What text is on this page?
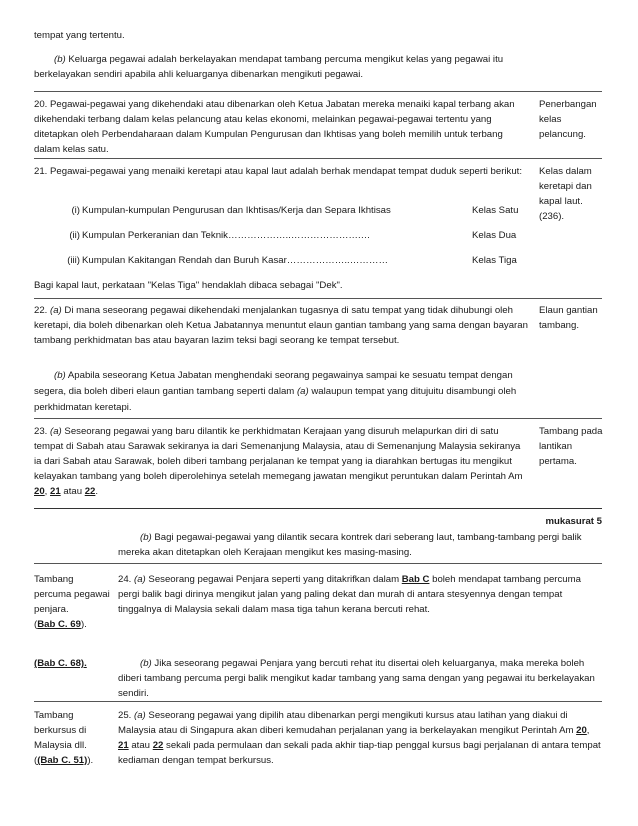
tempat yang tertentu.
(b) Keluarga pegawai adalah berkelayakan mendapat tambang percuma mengikut kelas yang pegawai itu berkelayakan sendiri apabila ahli keluarganya dibenarkan mengikuti pegawai.
20. Pegawai-pegawai yang dikehendaki atau dibenarkan oleh Ketua Jabatan mereka menaiki kapal terbang akan dikehendaki terbang dalam kelas pelancung atau kelas ekonomi, melainkan pegawai-pegawai tertentu yang ditetapkan oleh Perbendaharaan dalam Kumpulan Pengurusan dan Ikhtisas yang boleh memilih untuk terbang dalam kelas satu.
Penerbangan kelas pelancung.
21. Pegawai-pegawai yang menaiki keretapi atau kapal laut adalah berhak mendapat tempat duduk seperti berikut:	Kelas dalam keretapi dan kapal laut. (236).
(i) Kumpulan-kumpulan Pengurusan dan Ikhtisas/Kerja dan Separa Ikhtisas	Kelas Satu
(ii) Kumpulan Perkeranian dan Teknik………………..………………….…	Kelas Dua
(iii) Kumpulan Kakitangan Rendah dan Buruh Kasar………………..…………	Kelas Tiga
Bagi kapal laut, perkataan "Kelas Tiga" hendaklah dibaca sebagai "Dek".
22. (a) Di mana seseorang pegawai dikehendaki menjalankan tugasnya di satu tempat yang tidak dihubungi oleh keretapi, dia boleh dibenarkan oleh Ketua Jabatannya menuntut elaun gantian tambang yang sama dengan bayaran tambang perkhidmatan bas atau bayaran lazim teksi bagi seorang ke tempat tersebut.
Elaun gantian tambang.
(b) Apabila seseorang Ketua Jabatan menghendaki seorang pegawainya sampai ke sesuatu tempat dengan segera, dia boleh diberi elaun gantian tambang seperti dalam (a) walaupun tempat yang ditujuitu disambungi oleh perkhidmatan keretapi.
23. (a) Seseorang pegawai yang baru dilantik ke perkhidmatan Kerajaan yang disuruh melapurkan diri di satu tempat di Sabah atau Sarawak sekiranya ia dari Semenanjung Malaysia, atau di Semenanjung Malaysia sekiranya ia dari Sabah atau Sarawak, boleh diberi tambang perjalanan ke tempat yang ia diarahkan bertugas itu mengikut kelayakan tambang yang boleh diperolehinya setelah memegang jawatan mengikut peruntukan dalam Perintah Am 20, 21 atau 22.
Tambang pada lantikan pertama.
mukasurat 5
(b) Bagi pegawai-pegawai yang dilantik secara kontrek dari seberang laut, tambang-tambang pergi balik mereka akan ditetapkan oleh Kerajaan mengikut kes masing-masing.
Tambang percuma pegawai penjara.
(Bab C. 69).
24. (a) Seseorang pegawai Penjara seperti yang ditakrifkan dalam Bab C boleh mendapat tambang percuma pergi balik bagi dirinya mengikut jalan yang paling dekat dan murah di antara stesyennya dengan tempat tinggalnya di Malaysia sekali dalam masa tiga tahun kerana bercuti rehat.
(Bab C. 68).	(b) Jika seseorang pegawai Penjara yang bercuti rehat itu disertai oleh keluarganya, maka mereka boleh diberi tambang percuma pergi balik mengikut kadar tambang yang sama dengan yang pegawai itu berkelayakan sendiri.
Tambang berkursus di Malaysia dll. ((Bab C. 51)).
25. (a) Seseorang pegawai yang dipilih atau dibenarkan pergi mengikuti kursus atau latihan yang diakui di Malaysia atau di Singapura akan diberi kemudahan perjalanan yang ia berkelayakan mengikut Perintah Am 20, 21 atau 22 sekali pada permulaan dan sekali pada akhir tiap-tiap penggal kursus bagi perjalanan di antara tempat kediaman dengan tempat berkursus.
